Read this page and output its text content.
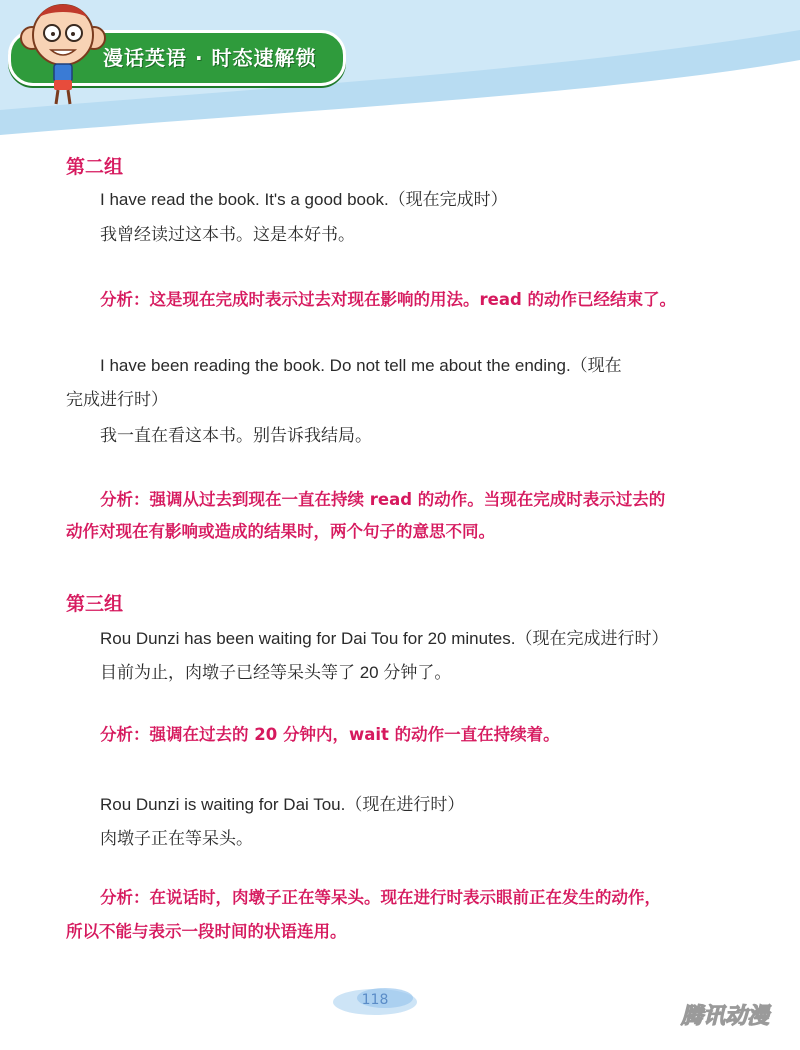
漫话英语 · 时态速解锁
第二组
I have read the book. It's a good book.（现在完成时）
我曾经读过这本书。这是本好书。
分析：这是现在完成时表示过去对现在影响的用法。read 的动作已经结束了。
I have been reading the book. Do not tell me about the ending.（现在
完成进行时）
我一直在看这本书。别告诉我结局。
分析：强调从过去到现在一直在持续 read 的动作。当现在完成时表示过去的
动作对现在有影响或造成的结果时，两个句子的意思不同。
第三组
Rou Dunzi has been waiting for Dai Tou for 20 minutes.（现在完成进行时）
目前为止，肉墩子已经等呆头等了 20 分钟了。
分析：强调在过去的 20 分钟内，wait 的动作一直在持续着。
Rou Dunzi is waiting for Dai Tou.（现在进行时）
肉墩子正在等呆头。
分析：在说话时，肉墩子正在等呆头。现在进行时表示眼前正在发生的动作，
所以不能与表示一段时间的状语连用。
118
腾讯动漫
